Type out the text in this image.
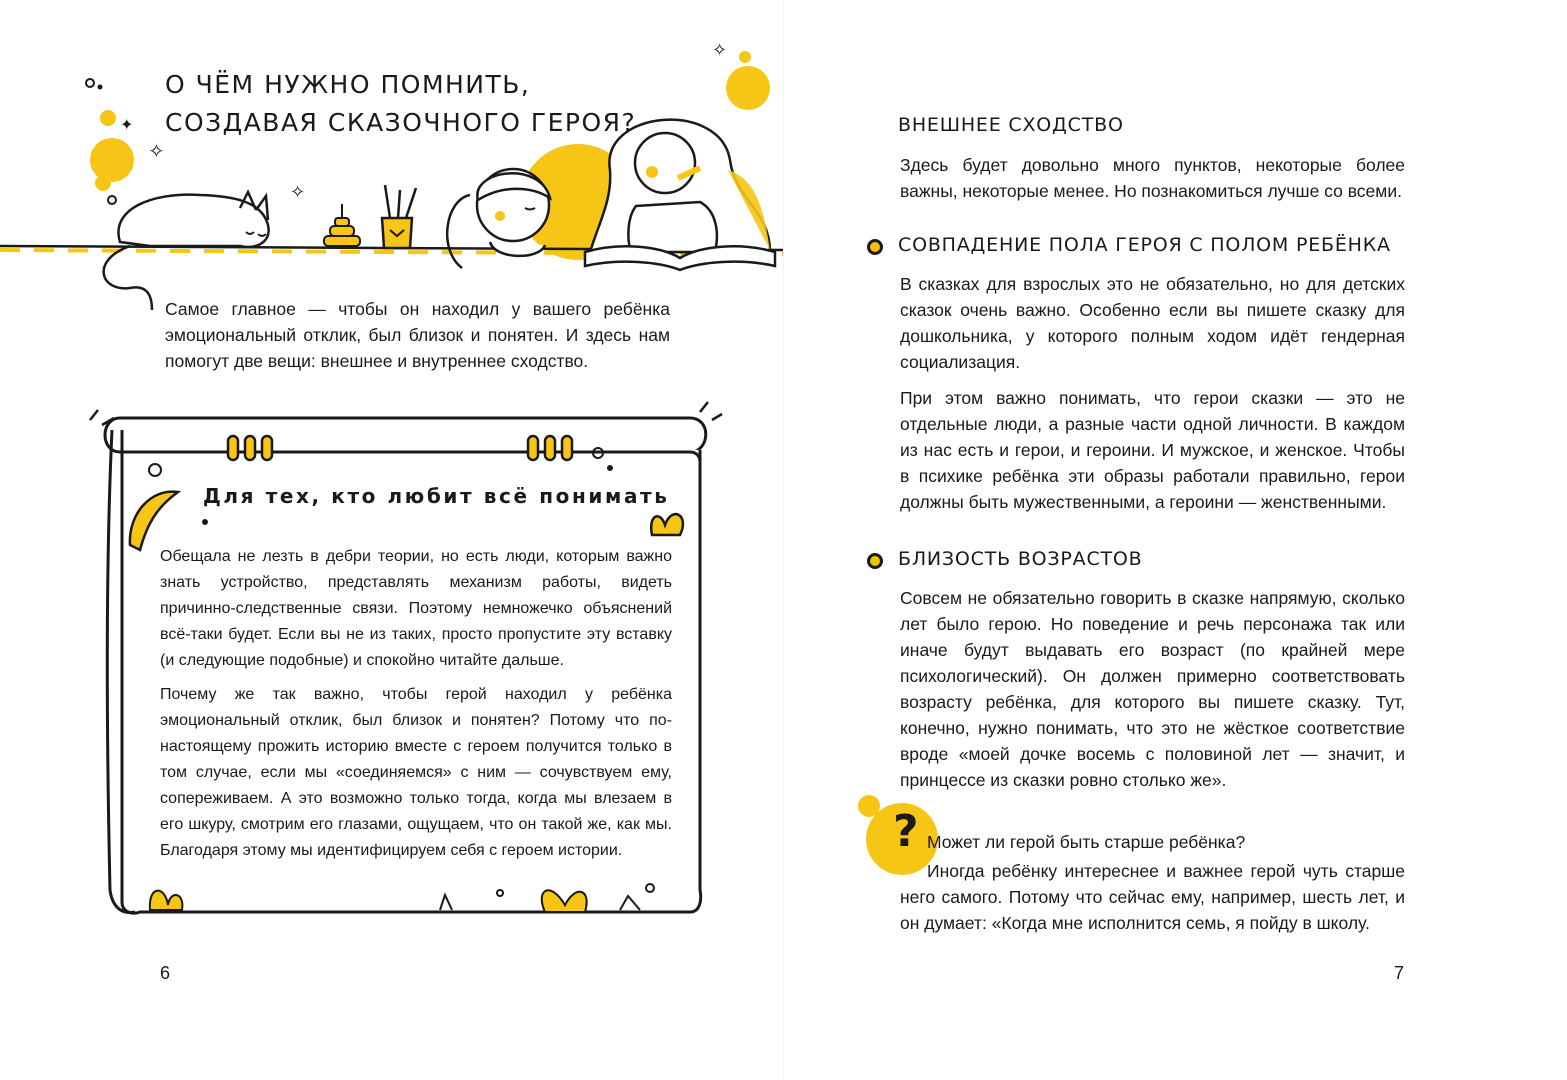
✧
✦
✧
✧
О ЧЁМ НУЖНО ПОМНИТЬ,
СОЗДАВАЯ СКАЗОЧНОГО ГЕРОЯ?

Самое главное — чтобы он находил у вашего ребёнка эмоциональный отклик, был близок и понятен. И здесь нам помогут две вещи: внешнее и внутреннее сходство.

Для тех, кто любит всё понимать

Обещала не лезть в дебри теории, но есть люди, которым важно знать устройство, представлять механизм работы, видеть причинно-следственные связи. Поэтому немножечко объяснений всё-таки будет. Если вы не из таких, просто пропустите эту вставку (и следующие подобные) и спокойно читайте дальше.

Почему же так важно, чтобы герой находил у ребёнка эмоциональный отклик, был близок и понятен? Потому что по-настоящему прожить историю вместе с героем получится только в том случае, если мы «соединяемся» с ним — сочувствуем ему, сопереживаем. А это возможно только тогда, когда мы влезаем в его шкуру, смотрим его глазами, ощущаем, что он такой же, как мы. Благодаря этому мы идентифицируем себя с героем истории.

6
ВНЕШНЕЕ СХОДСТВО

Здесь будет довольно много пунктов, некоторые более важны, некоторые менее. Но познакомиться лучше со всеми.

СОВПАДЕНИЕ ПОЛА ГЕРОЯ С ПОЛОМ РЕБЁНКА

В сказках для взрослых это не обязательно, но для детских сказок очень важно. Особенно если вы пишете сказку для дошкольника, у которого полным ходом идёт гендерная социализация.

При этом важно понимать, что герои сказки — это не отдельные люди, а разные части одной личности. В каждом из нас есть и герои, и героини. И мужское, и женское. Чтобы в психике ребёнка эти образы работали правильно, герои должны быть мужественными, а героини — женственными.

БЛИЗОСТЬ ВОЗРАСТОВ

Совсем не обязательно говорить в сказке напрямую, сколько лет было герою. Но поведение и речь персонажа так или иначе будут выдавать его возраст (по крайней мере психологический). Он должен примерно соответствовать возрасту ребёнка, для которого вы пишете сказку. Тут, конечно, нужно понимать, что это не жёсткое соответствие вроде «моей дочке восемь с половиной лет — значит, и принцессе из сказки ровно столько же».

? Может ли герой быть старше ребёнка?

Иногда ребёнку интереснее и важнее герой чуть старше него самого. Потому что сейчас ему, например, шесть лет, и он думает: «Когда мне исполнится семь, я пойду в школу.

7
